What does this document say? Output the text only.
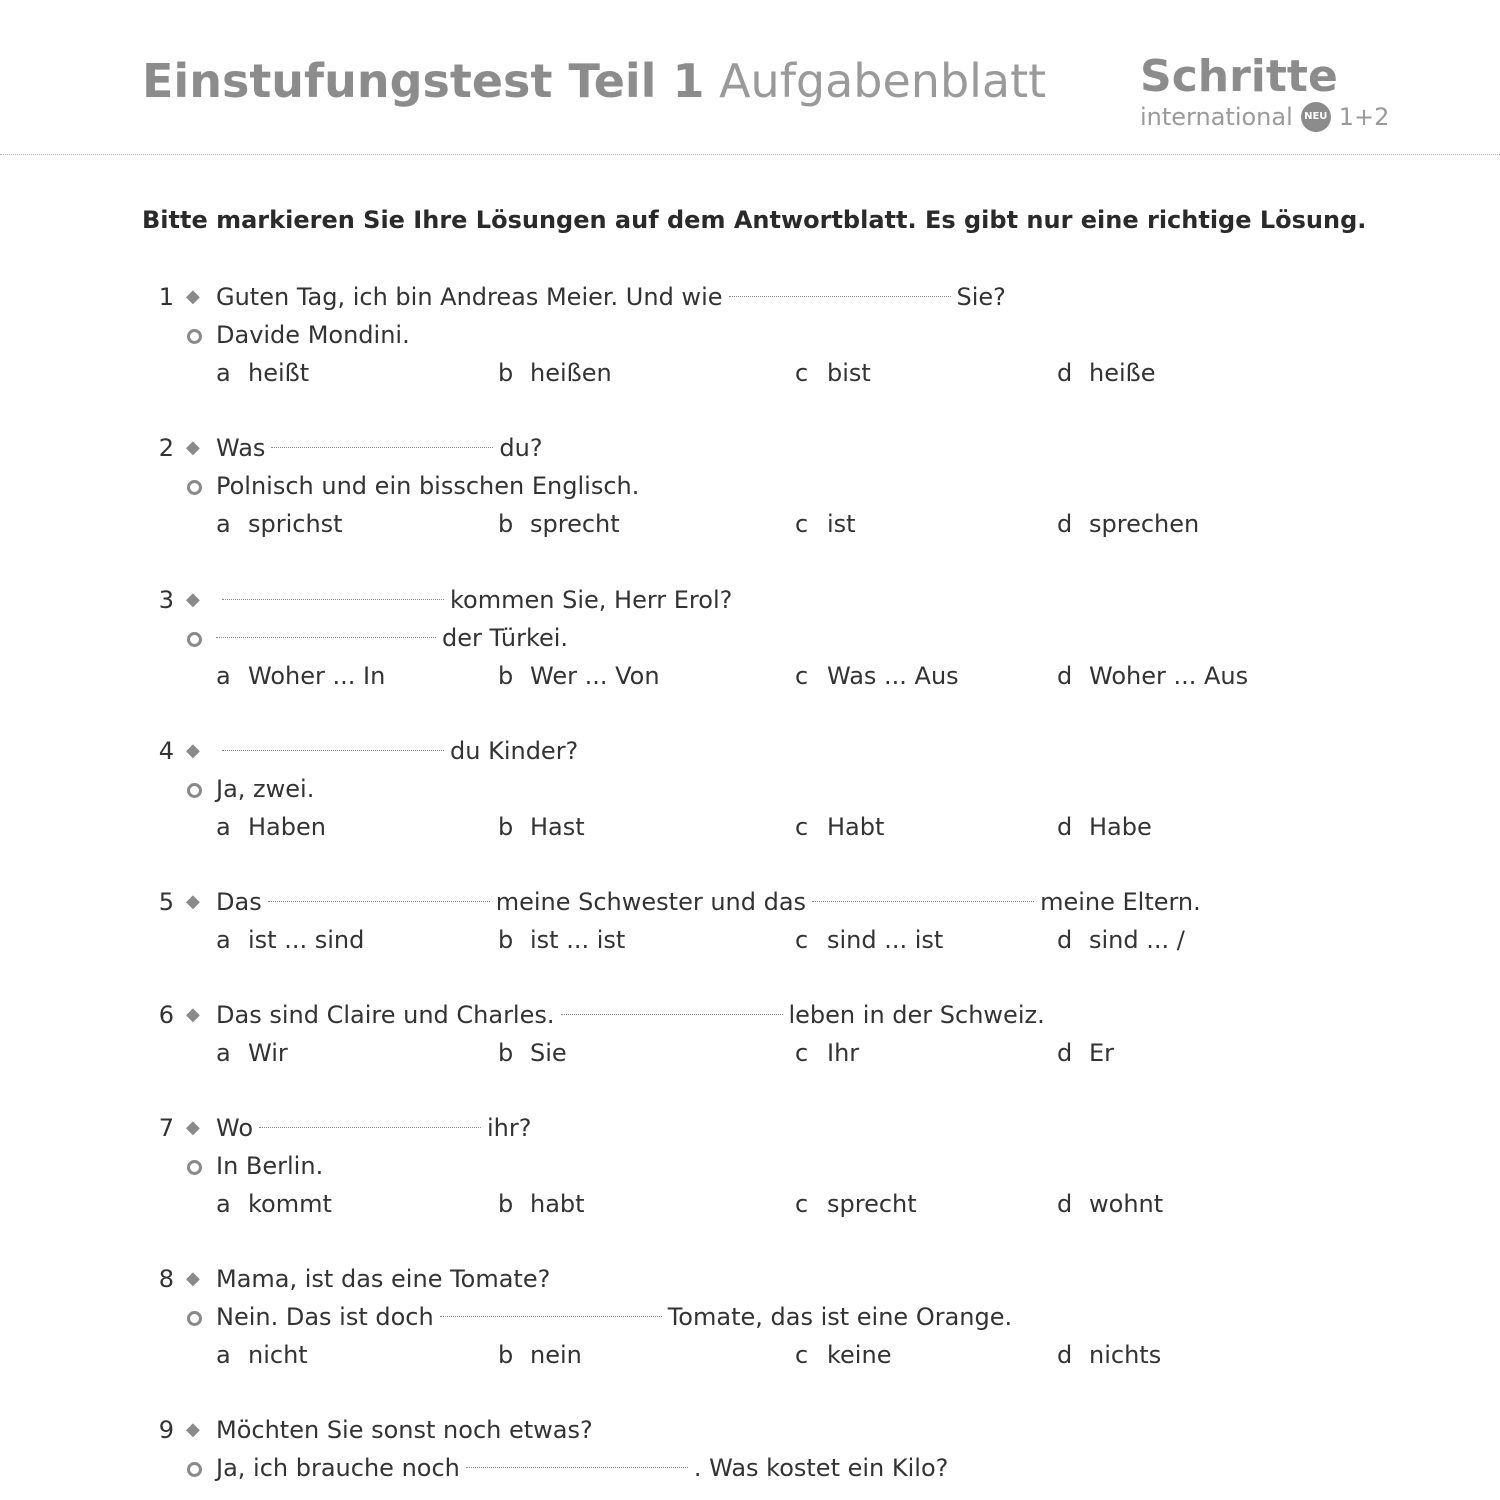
Einstufungstest Teil 1 Aufgabenblatt Schritte
international	NEU 1+2
Bitte markieren Sie Ihre Lösungen auf dem Antwortblatt. Es gibt nur eine richtige Lösung.
1 ◆ Guten Tag, ich bin Andreas Meier. Und wie	Sie?
Davide Mondini.
a heißt	b heißen	c bist	d heiße
2 ◆ Was	du?
Polnisch und ein bisschen Englisch.
a sprichst	b sprecht	c ist	d sprechen
3 ◆	kommen Sie, Herr Erol?
der Türkei.
a Woher ... In	b Wer ... Von	c Was ... Aus	d Woher ... Aus
4 ◆	du Kinder?
Ja, zwei.
a Haben	b Hast	c Habt	d Habe
5 ◆ Das	meine Schwester und das	meine Eltern.
a ist ... sind	b ist ... ist	c sind ... ist	d sind ... /
6 ◆ Das sind Claire und Charles.	leben in der Schweiz.
a Wir	b Sie	c Ihr	d Er
7 ◆ Wo	ihr?
In Berlin.
a kommt	b habt	c sprecht	d wohnt
8 ◆ Mama, ist das eine Tomate?
Nein. Das ist doch	Tomate, das ist eine Orange.
a nicht	b nein	c keine	d nichts
9 ◆ Möchten Sie sonst noch etwas?
Ja, ich brauche noch	. Was kostet ein Kilo?
